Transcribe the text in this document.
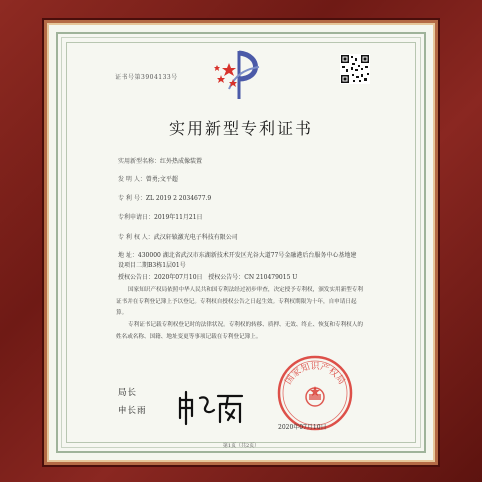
证书号第3904133号
实用新型专利证书
实用新型名称：红外热成像装置
发 明 人：曾勇;文平超
专 利 号：ZL 2019 2 2034677.9
专利申请日：2019年11月21日
专 利 权 人：武汉轩辕激光电子科技有限公司
地 址：430000 湖北省武汉市东湖新技术开发区光谷大道77号金融港后台服务中心基地建设项目二期B3栋1层01号
授权公告日：2020年07月10日 授权公告号：CN 210479015 U
国家知识产权局依照中华人民共和国专利法经过初步审查，决定授予专利权，颁发实用新型专利证书并在专利登记簿上予以登记。专利权自授权公告之日起生效。专利权期限为十年，自申请日起算。
专利证书记载专利权登记时的法律状况。专利权的转移、质押、无效、终止、恢复和专利权人的姓名或名称、国籍、地址变更等事项记载在专利登记簿上。
局长
申长雨
国家知识产权局
2020年07月10日
第1页（共2页）
